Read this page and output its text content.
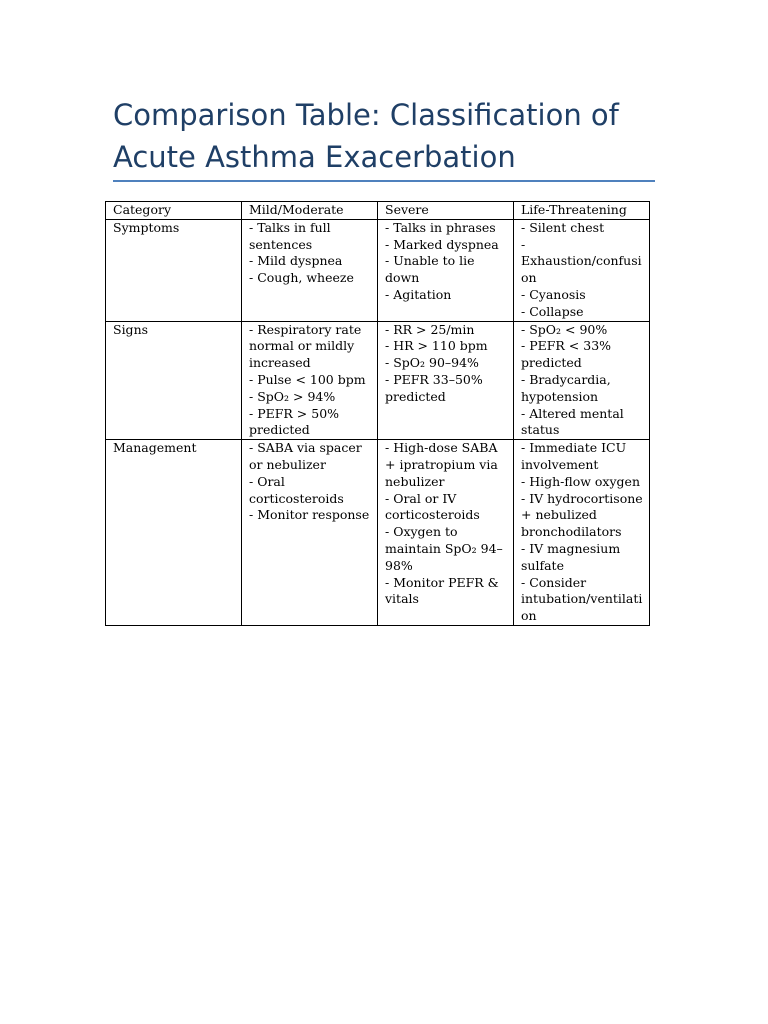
Comparison Table: Classification of
Acute Asthma Exacerbation
Category	Mild/Moderate	Severe	Life-Threatening
Symptoms	- Talks in full sentences
- Mild dyspnea
- Cough, wheeze	- Talks in phrases
- Marked dyspnea
- Unable to lie down
- Agitation	- Silent chest
- Exhaustion/confusion
- Cyanosis
- Collapse

Signs	- Respiratory rate normal or mildly increased
- Pulse < 100 bpm
- SpO₂ > 94%
- PEFR > 50% predicted	- RR > 25/min
- HR > 110 bpm
- SpO₂ 90–94%
- PEFR 33–50% predicted	- SpO₂ < 90%
- PEFR < 33% predicted
- Bradycardia, hypotension
- Altered mental status

Management	- SABA via spacer or nebulizer
- Oral corticosteroids
- Monitor response	- High-dose SABA + ipratropium via nebulizer
- Oral or IV corticosteroids
- Oxygen to maintain SpO₂ 94–98%
- Monitor PEFR & vitals	- Immediate ICU involvement
- High-flow oxygen
- IV hydrocortisone + nebulized bronchodilators
- IV magnesium sulfate
- Consider intubation/ventilation
